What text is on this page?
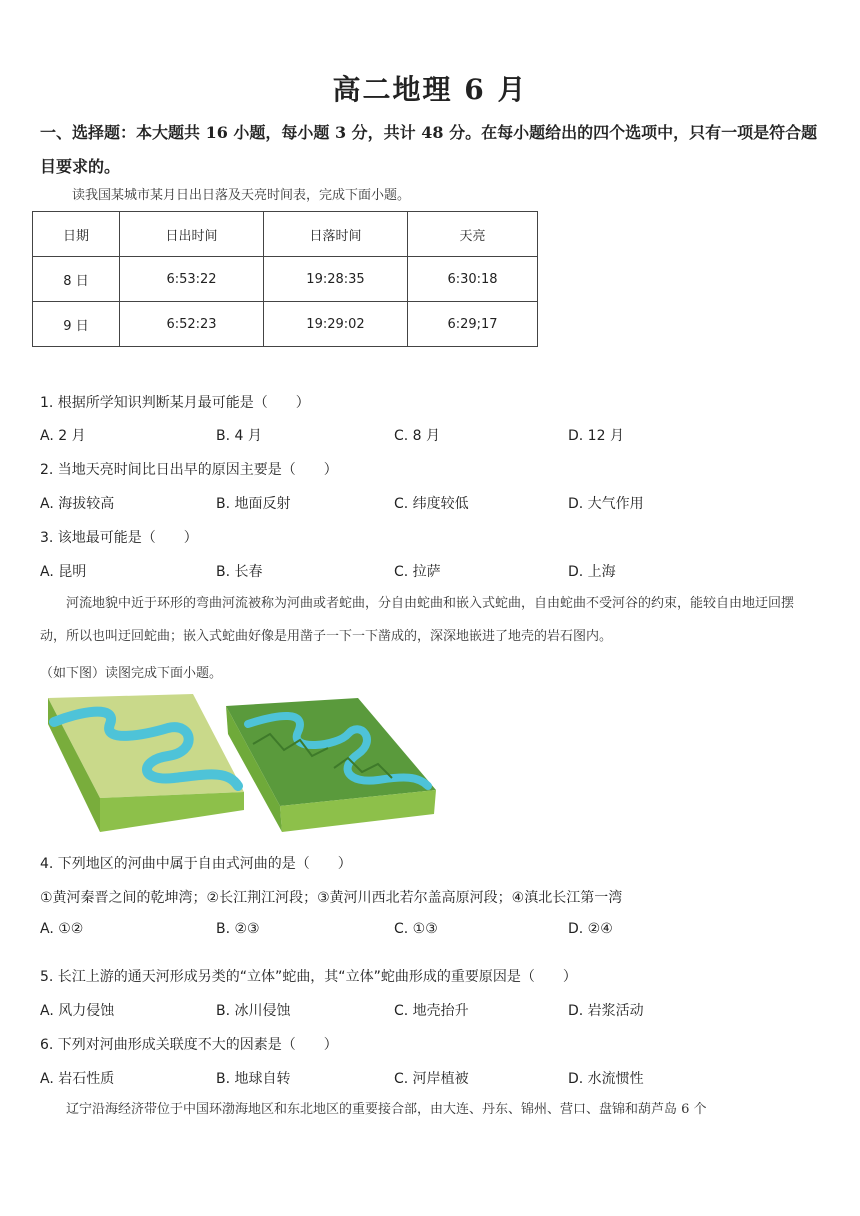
高二地理 6 月
一、选择题：本大题共 16 小题，每小题 3 分，共计 48 分。在每小题给出的四个选项中，只有一项是符合题目要求的。
读我国某城市某月日出日落及天亮时间表，完成下面小题。
日期	日出时间	日落时间	天亮
8 日	6:53:22	19:28:35	6:30:18
9 日	6:52:23	19:29:02	6:29;17
1. 根据所学知识判断某月最可能是（　　）
A. 2 月	B. 4 月	C. 8 月	D. 12 月
2. 当地天亮时间比日出早的原因主要是（　　）
A. 海拔较高	B. 地面反射	C. 纬度较低	D. 大气作用
3. 该地最可能是（　　）
A. 昆明	B. 长春	C. 拉萨	D. 上海
河流地貌中近于环形的弯曲河流被称为河曲或者蛇曲，分自由蛇曲和嵌入式蛇曲，自由蛇曲不受河谷的约束，能较自由地迂回摆动，所以也叫迂回蛇曲；嵌入式蛇曲好像是用凿子一下一下凿成的，深深地嵌进了地壳的岩石图内。
（如下图）读图完成下面小题。
4. 下列地区的河曲中属于自由式河曲的是（　　）
①黄河秦晋之间的乾坤湾；②长江荆江河段；③黄河川西北若尔盖高原河段；④滇北长江第一湾
A. ①②	B. ②③	C. ①③	D. ②④
5. 长江上游的通天河形成另类的“立体”蛇曲，其“立体”蛇曲形成的重要原因是（　　）
A. 风力侵蚀	B. 冰川侵蚀	C. 地壳抬升	D. 岩浆活动
6. 下列对河曲形成关联度不大的因素是（　　）
A. 岩石性质	B. 地球自转	C. 河岸植被	D. 水流惯性
辽宁沿海经济带位于中国环渤海地区和东北地区的重要接合部，由大连、丹东、锦州、营口、盘锦和葫芦岛 6 个
